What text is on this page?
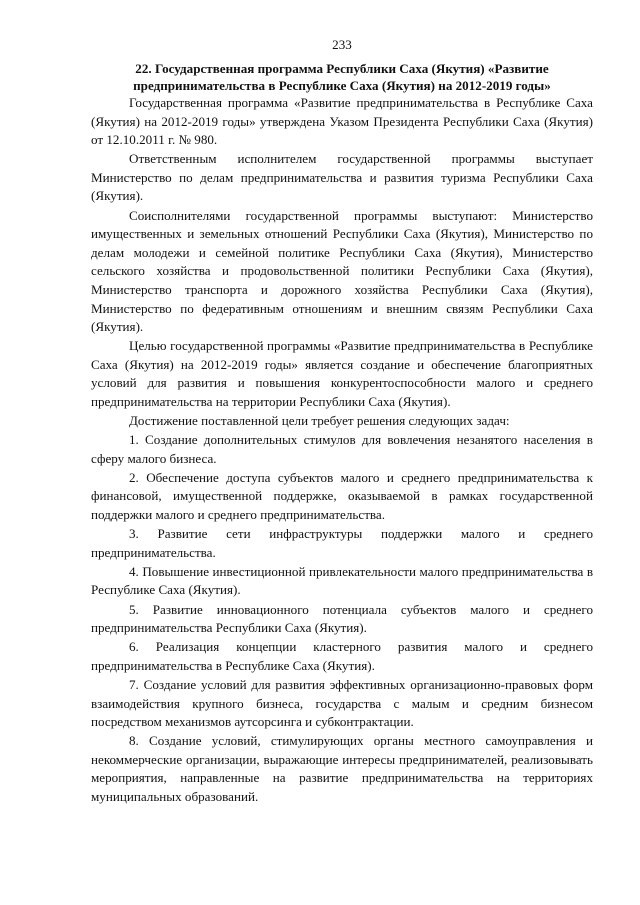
233
22. Государственная программа Республики Саха (Якутия) «Развитие
предпринимательства в Республике Саха (Якутия) на 2012-2019 годы»

Государственная программа «Развитие предпринимательства в Республике Саха (Якутия) на 2012-2019 годы» утверждена Указом Президента Республики Саха (Якутия) от 12.10.2011 г. № 980.

Ответственным исполнителем государственной программы выступает Министерство по делам предпринимательства и развития туризма Республики Саха (Якутия).

Соисполнителями государственной программы выступают: Министерство имущественных и земельных отношений Республики Саха (Якутия), Министерство по делам молодежи и семейной политике Республики Саха (Якутия), Министерство сельского хозяйства и продовольственной политики Республики Саха (Якутия), Министерство транспорта и дорожного хозяйства Республики Саха (Якутия), Министерство по федеративным отношениям и внешним связям Республики Саха (Якутия).

Целью государственной программы «Развитие предпринимательства в Республике Саха (Якутия) на 2012-2019 годы» является создание и обеспечение благоприятных условий для развития и повышения конкурентоспособности малого и среднего предпринимательства на территории Республики Саха (Якутия).

Достижение поставленной цели требует решения следующих задач:

1. Создание дополнительных стимулов для вовлечения незанятого населения в сферу малого бизнеса.

2. Обеспечение доступа субъектов малого и среднего предпринимательства к финансовой, имущественной поддержке, оказываемой в рамках государственной поддержки малого и среднего предпринимательства.

3. Развитие сети инфраструктуры поддержки малого и среднего предпринимательства.

4. Повышение инвестиционной привлекательности малого предпринимательства в Республике Саха (Якутия).

5. Развитие инновационного потенциала субъектов малого и среднего предпринимательства Республики Саха (Якутия).

6. Реализация концепции кластерного развития малого и среднего предпринимательства в Республике Саха (Якутия).

7. Создание условий для развития эффективных организационно-правовых форм взаимодействия крупного бизнеса, государства с малым и средним бизнесом посредством механизмов аутсорсинга и субконтрактации.

8. Создание условий, стимулирующих органы местного самоуправления и некоммерческие организации, выражающие интересы предпринимателей, реализовывать мероприятия, направленные на развитие предпринимательства на территориях муниципальных образований.
